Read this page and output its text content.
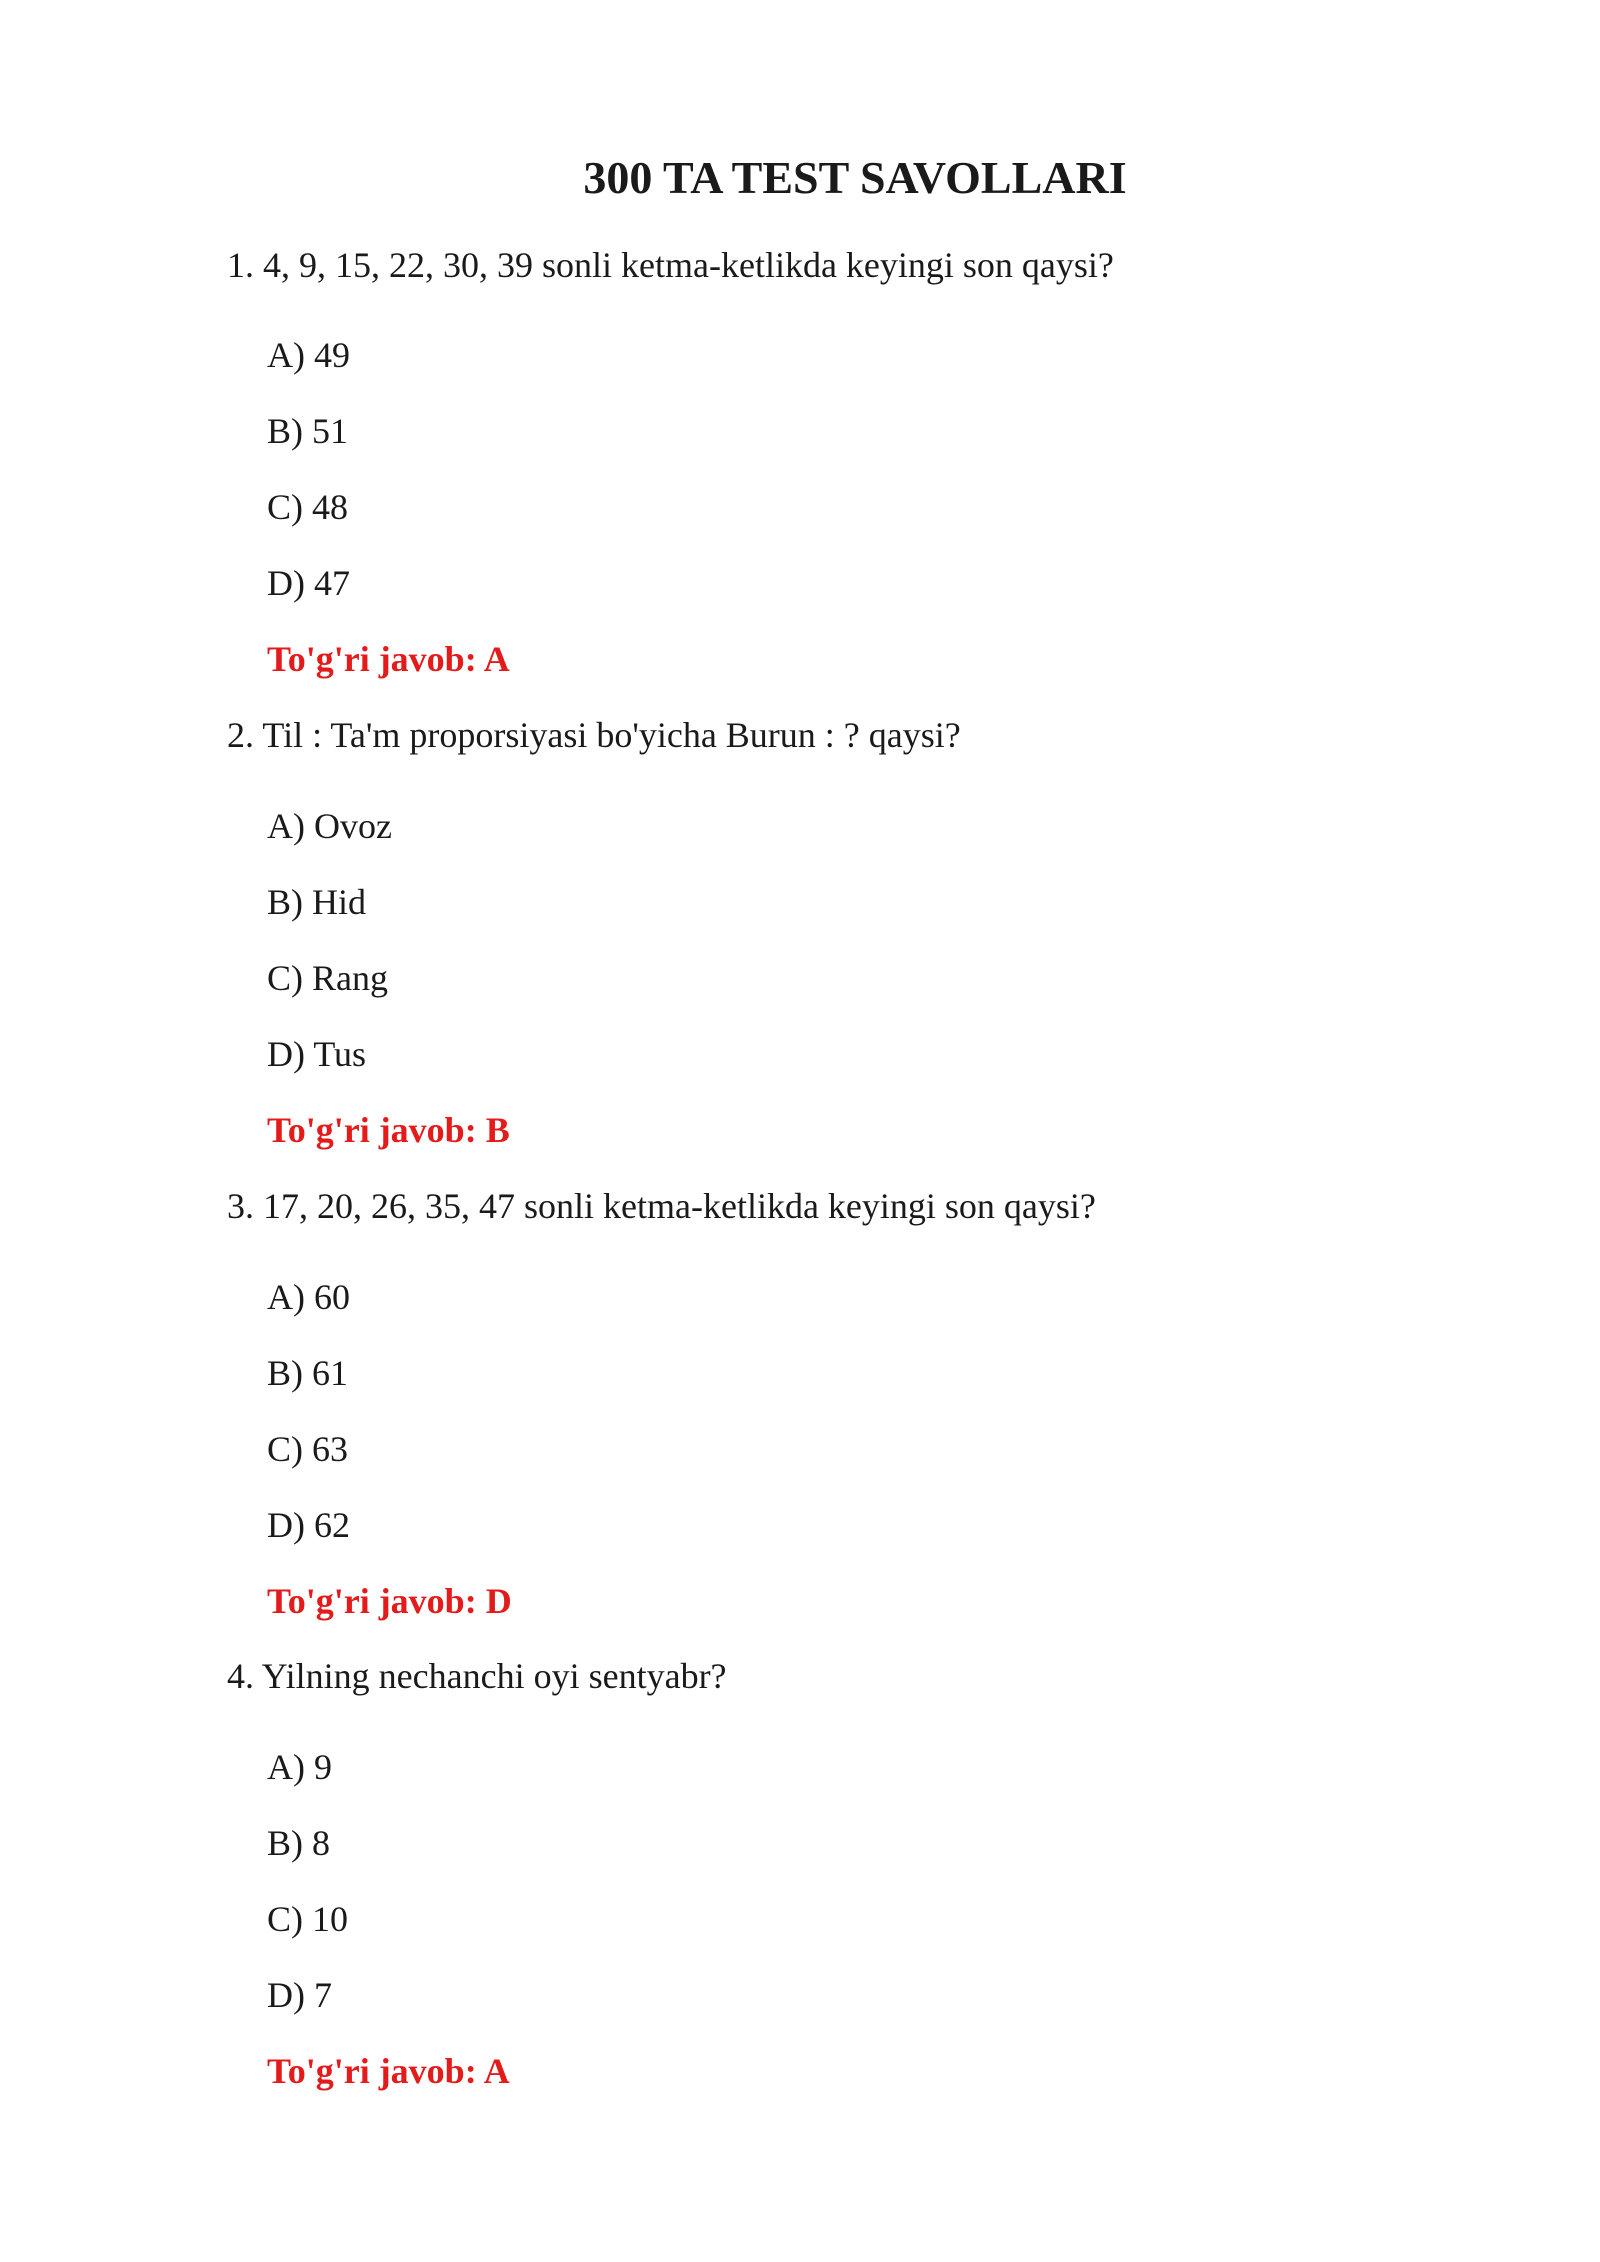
300 TA TEST SAVOLLARI

1. 4, 9, 15, 22, 30, 39 sonli ketma-ketlikda keyingi son qaysi?

A) 49

B) 51

C) 48

D) 47

To'g'ri javob: A

2. Til : Ta'm proporsiyasi bo'yicha Burun : ? qaysi?

A) Ovoz

B) Hid

C) Rang

D) Tus

To'g'ri javob: B

3. 17, 20, 26, 35, 47 sonli ketma-ketlikda keyingi son qaysi?

A) 60

B) 61

C) 63

D) 62

To'g'ri javob: D

4. Yilning nechanchi oyi sentyabr?

A) 9

B) 8

C) 10

D) 7

To'g'ri javob: A
